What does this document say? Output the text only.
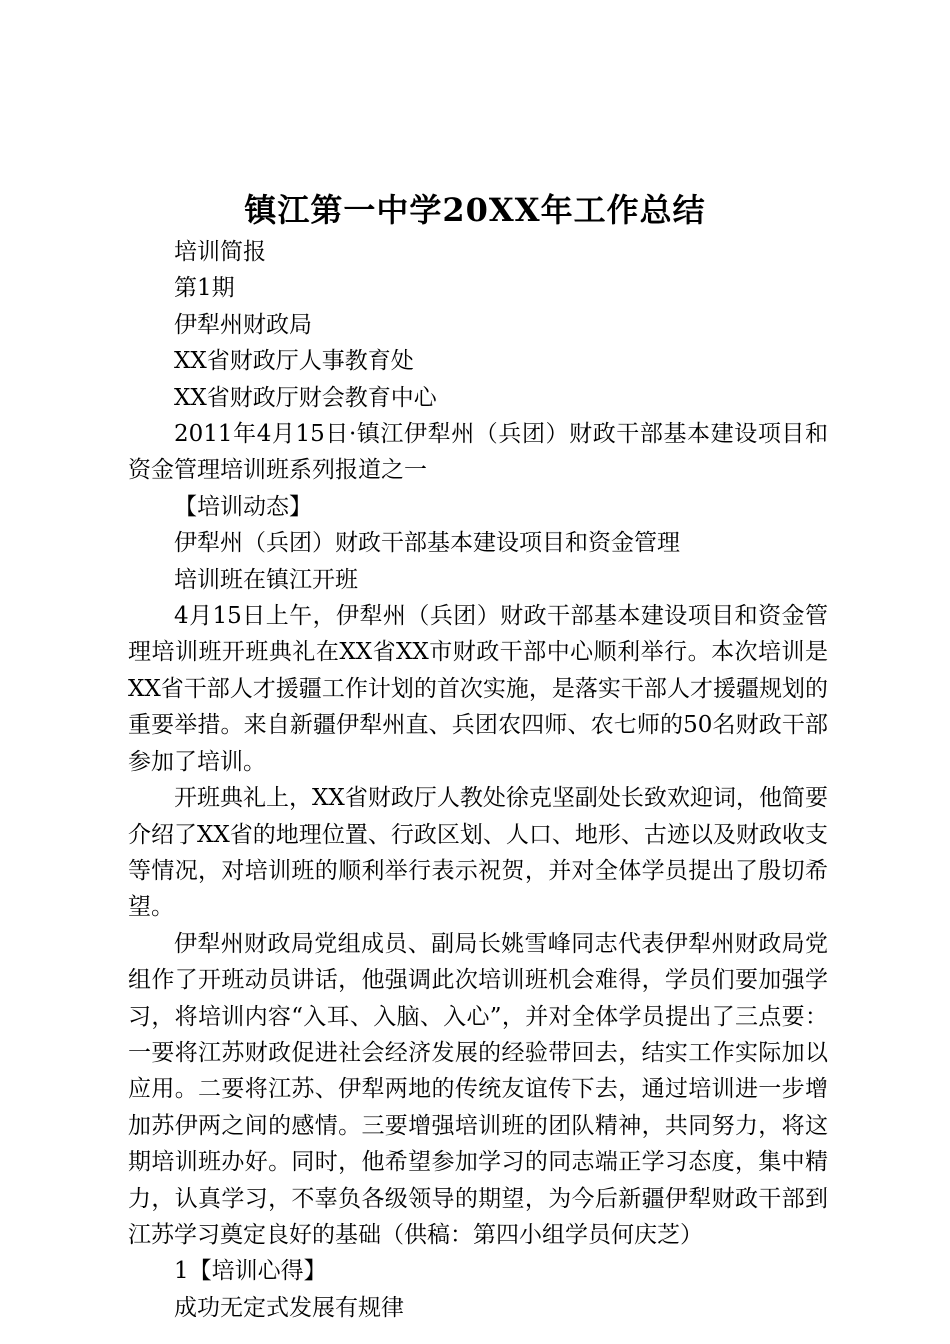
镇江第一中学20XX年工作总结

培训简报

第1期

伊犁州财政局

XX省财政厅人事教育处

XX省财政厅财会教育中心

2011年4月15日·镇江伊犁州（兵团）财政干部基本建设项目和资金管理培训班系列报道之一

【培训动态】

伊犁州（兵团）财政干部基本建设项目和资金管理

培训班在镇江开班

4月15日上午，伊犁州（兵团）财政干部基本建设项目和资金管理培训班开班典礼在XX省XX市财政干部中心顺利举行。本次培训是XX省干部人才援疆工作计划的首次实施，是落实干部人才援疆规划的重要举措。来自新疆伊犁州直、兵团农四师、农七师的50名财政干部参加了培训。

开班典礼上，XX省财政厅人教处徐克坚副处长致欢迎词，他简要介绍了XX省的地理位置、行政区划、人口、地形、古迹以及财政收支等情况，对培训班的顺利举行表示祝贺，并对全体学员提出了殷切希望。

伊犁州财政局党组成员、副局长姚雪峰同志代表伊犁州财政局党组作了开班动员讲话，他强调此次培训班机会难得，学员们要加强学习，将培训内容“入耳、入脑、入心”，并对全体学员提出了三点要：一要将江苏财政促进社会经济发展的经验带回去，结实工作实际加以应用。二要将江苏、伊犁两地的传统友谊传下去，通过培训进一步增加苏伊两之间的感情。三要增强培训班的团队精神，共同努力，将这期培训班办好。同时，他希望参加学习的同志端正学习态度，集中精力，认真学习，不辜负各级领导的期望，为今后新疆伊犁财政干部到江苏学习奠定良好的基础（供稿：第四小组学员何庆芝）

1【培训心得】

成功无定式发展有规律
